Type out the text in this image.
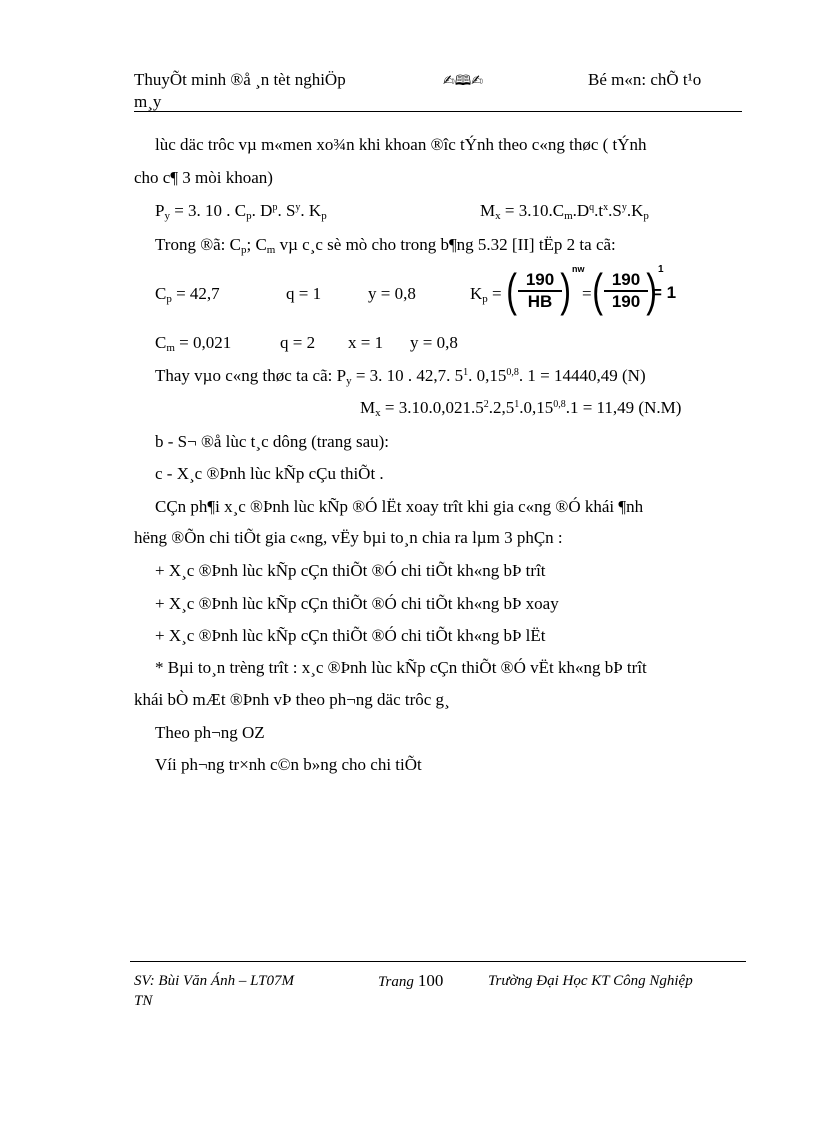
ThuyÕt minh ®å ¸n tèt nghiÖp
m¸y
✍🕮✍	Bé m«n: chÕ t¹o
lùc däc trôc vµ m«men xo¾n khi khoan ®îc tÝnh theo c«ng thøc ( tÝnh
cho c¶ 3 mòi khoan)
$P_y = 3$. 10 . $C_p$. $D^p$. $S^y$. $K_p$	$M_x = 3.10.C_m.D^q.t^x.S^y.K_p$
Trong ®ã: $C_p$; $C_m$ vµ c¸c sè mò cho trong b¶ng 5.32 [II] tËp 2 ta cã:
$C_p = 42,7$	q = 1	y = 0,8	$K_p$ = ( $\frac{190}{HB}$
) nw
= ( $\frac{190}{190}$
) 1
= 1
$C_m = 0,021$	q = 2 x = 1 y = 0,8
Thay vµo c«ng thøc ta cã: $P_y = 3$. 10 . 42,7. $5^1$. 0,15$^{0,8}$. 1 = 14440,49 (N)
$M_x = 3.10.0,021.5^2.2,5^1.0,15^{0,8}.1 = 11,49$ (N.M)
b - S¬ ®å lùc t¸c dông (trang sau):
c - X¸c ®Þnh lùc kÑp cÇu thiÕt .
CÇn ph¶i x¸c ®Þnh lùc kÑp ®Ó lËt xoay trît khi gia c«ng ®Ó khái ¶nh
hëng ®Õn chi tiÕt gia c«ng, vËy bµi to¸n chia ra lµm 3 phÇn :
+ X¸c ®Þnh lùc kÑp cÇn thiÕt ®Ó chi tiÕt kh«ng bÞ trît
+ X¸c ®Þnh lùc kÑp cÇn thiÕt ®Ó chi tiÕt kh«ng bÞ xoay
+ X¸c ®Þnh lùc kÑp cÇn thiÕt ®Ó chi tiÕt kh«ng bÞ lËt
* Bµi to¸n trèng trît : x¸c ®Þnh lùc kÑp cÇn thiÕt ®Ó vËt kh«ng bÞ trît
khái bÒ mÆt ®Þnh vÞ theo ph¬ng däc trôc g¸
Theo ph¬ng OZ
Víi ph¬ng tr×nh c©n b»ng cho chi tiÕt
SV: Bùi Văn Ánh – LT07M
TN
Trang 100	Trường Đại Học KT Công Nghiệp
